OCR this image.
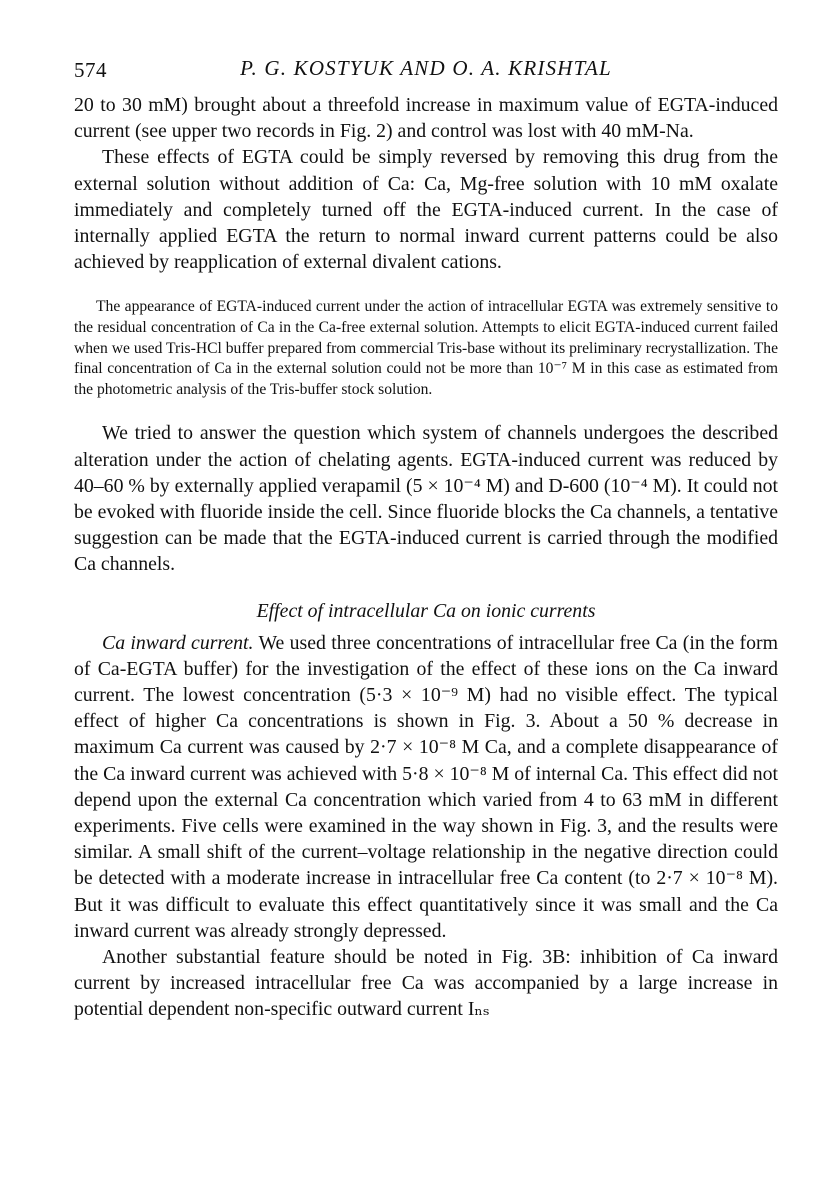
574	P. G. KOSTYUK AND O. A. KRISHTAL

20 to 30 mM) brought about a threefold increase in maximum value of EGTA-induced current (see upper two records in Fig. 2) and control was lost with 40 mM-Na.

These effects of EGTA could be simply reversed by removing this drug from the external solution without addition of Ca: Ca, Mg-free solution with 10 mM oxalate immediately and completely turned off the EGTA-induced current. In the case of internally applied EGTA the return to normal inward current patterns could be also achieved by reapplication of external divalent cations.

The appearance of EGTA-induced current under the action of intracellular EGTA was extremely sensitive to the residual concentration of Ca in the Ca-free external solution. Attempts to elicit EGTA-induced current failed when we used Tris-HCl buffer prepared from commercial Tris-base without its preliminary recrystallization. The final concentration of Ca in the external solution could not be more than 10⁻⁷ M in this case as estimated from the photometric analysis of the Tris-buffer stock solution.

We tried to answer the question which system of channels undergoes the described alteration under the action of chelating agents. EGTA-induced current was reduced by 40–60 % by externally applied verapamil (5 × 10⁻⁴ M) and D-600 (10⁻⁴ M). It could not be evoked with fluoride inside the cell. Since fluoride blocks the Ca channels, a tentative suggestion can be made that the EGTA-induced current is carried through the modified Ca channels.

Effect of intracellular Ca on ionic currents

Ca inward current. We used three concentrations of intracellular free Ca (in the form of Ca-EGTA buffer) for the investigation of the effect of these ions on the Ca inward current. The lowest concentration (5·3 × 10⁻⁹ M) had no visible effect. The typical effect of higher Ca concentrations is shown in Fig. 3. About a 50 % decrease in maximum Ca current was caused by 2·7 × 10⁻⁸ M Ca, and a complete disappearance of the Ca inward current was achieved with 5·8 × 10⁻⁸ M of internal Ca. This effect did not depend upon the external Ca concentration which varied from 4 to 63 mM in different experiments. Five cells were examined in the way shown in Fig. 3, and the results were similar. A small shift of the current–voltage relationship in the negative direction could be detected with a moderate increase in intracellular free Ca content (to 2·7 × 10⁻⁸ M). But it was difficult to evaluate this effect quantitatively since it was small and the Ca inward current was already strongly depressed.

Another substantial feature should be noted in Fig. 3B: inhibition of Ca inward current by increased intracellular free Ca was accompanied by a large increase in potential dependent non-specific outward current Iₙₛ
